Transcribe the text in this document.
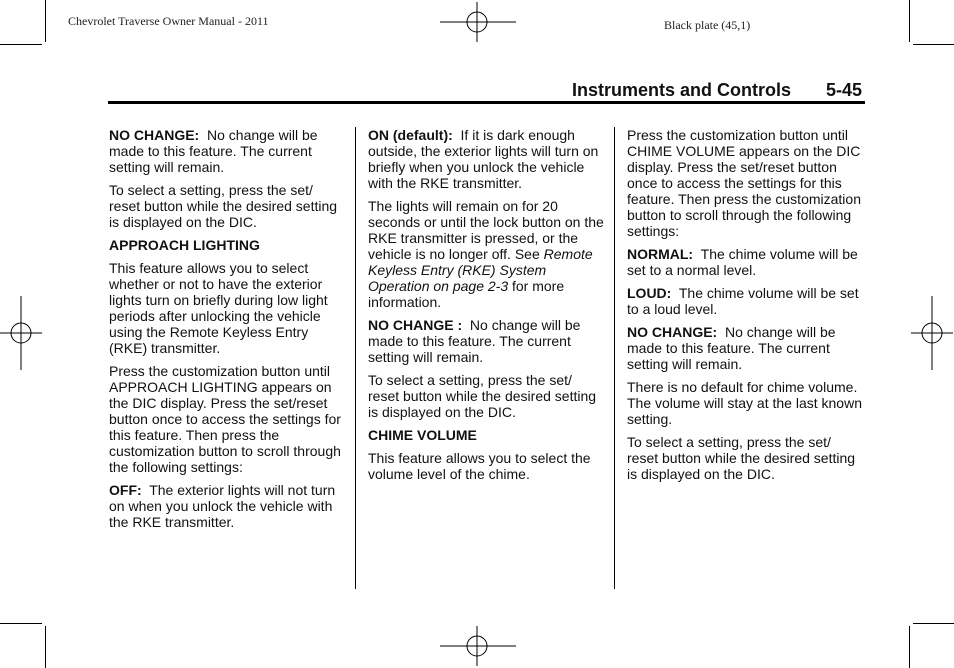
Chevrolet Traverse Owner Manual - 2011	Black plate (45,1)
Instruments and Controls 5-45

NO CHANGE: No change will be made to this feature. The current setting will remain.

To select a setting, press the set/ reset button while the desired setting is displayed on the DIC.

APPROACH LIGHTING

This feature allows you to select whether or not to have the exterior lights turn on briefly during low light periods after unlocking the vehicle using the Remote Keyless Entry (RKE) transmitter.

Press the customization button until APPROACH LIGHTING appears on the DIC display. Press the set/reset button once to access the settings for this feature. Then press the customization button to scroll through the following settings:

OFF: The exterior lights will not turn on when you unlock the vehicle with the RKE transmitter.

ON (default): If it is dark enough outside, the exterior lights will turn on briefly when you unlock the vehicle with the RKE transmitter.

The lights will remain on for 20 seconds or until the lock button on the RKE transmitter is pressed, or the vehicle is no longer off. See Remote Keyless Entry (RKE) System Operation on page 2-3 for more information.

NO CHANGE : No change will be made to this feature. The current setting will remain.

To select a setting, press the set/ reset button while the desired setting is displayed on the DIC.

CHIME VOLUME

This feature allows you to select the volume level of the chime.

Press the customization button until CHIME VOLUME appears on the DIC display. Press the set/reset button once to access the settings for this feature. Then press the customization button to scroll through the following settings:

NORMAL: The chime volume will be set to a normal level.

LOUD: The chime volume will be set to a loud level.

NO CHANGE: No change will be made to this feature. The current setting will remain.

There is no default for chime volume. The volume will stay at the last known setting.

To select a setting, press the set/ reset button while the desired setting is displayed on the DIC.
